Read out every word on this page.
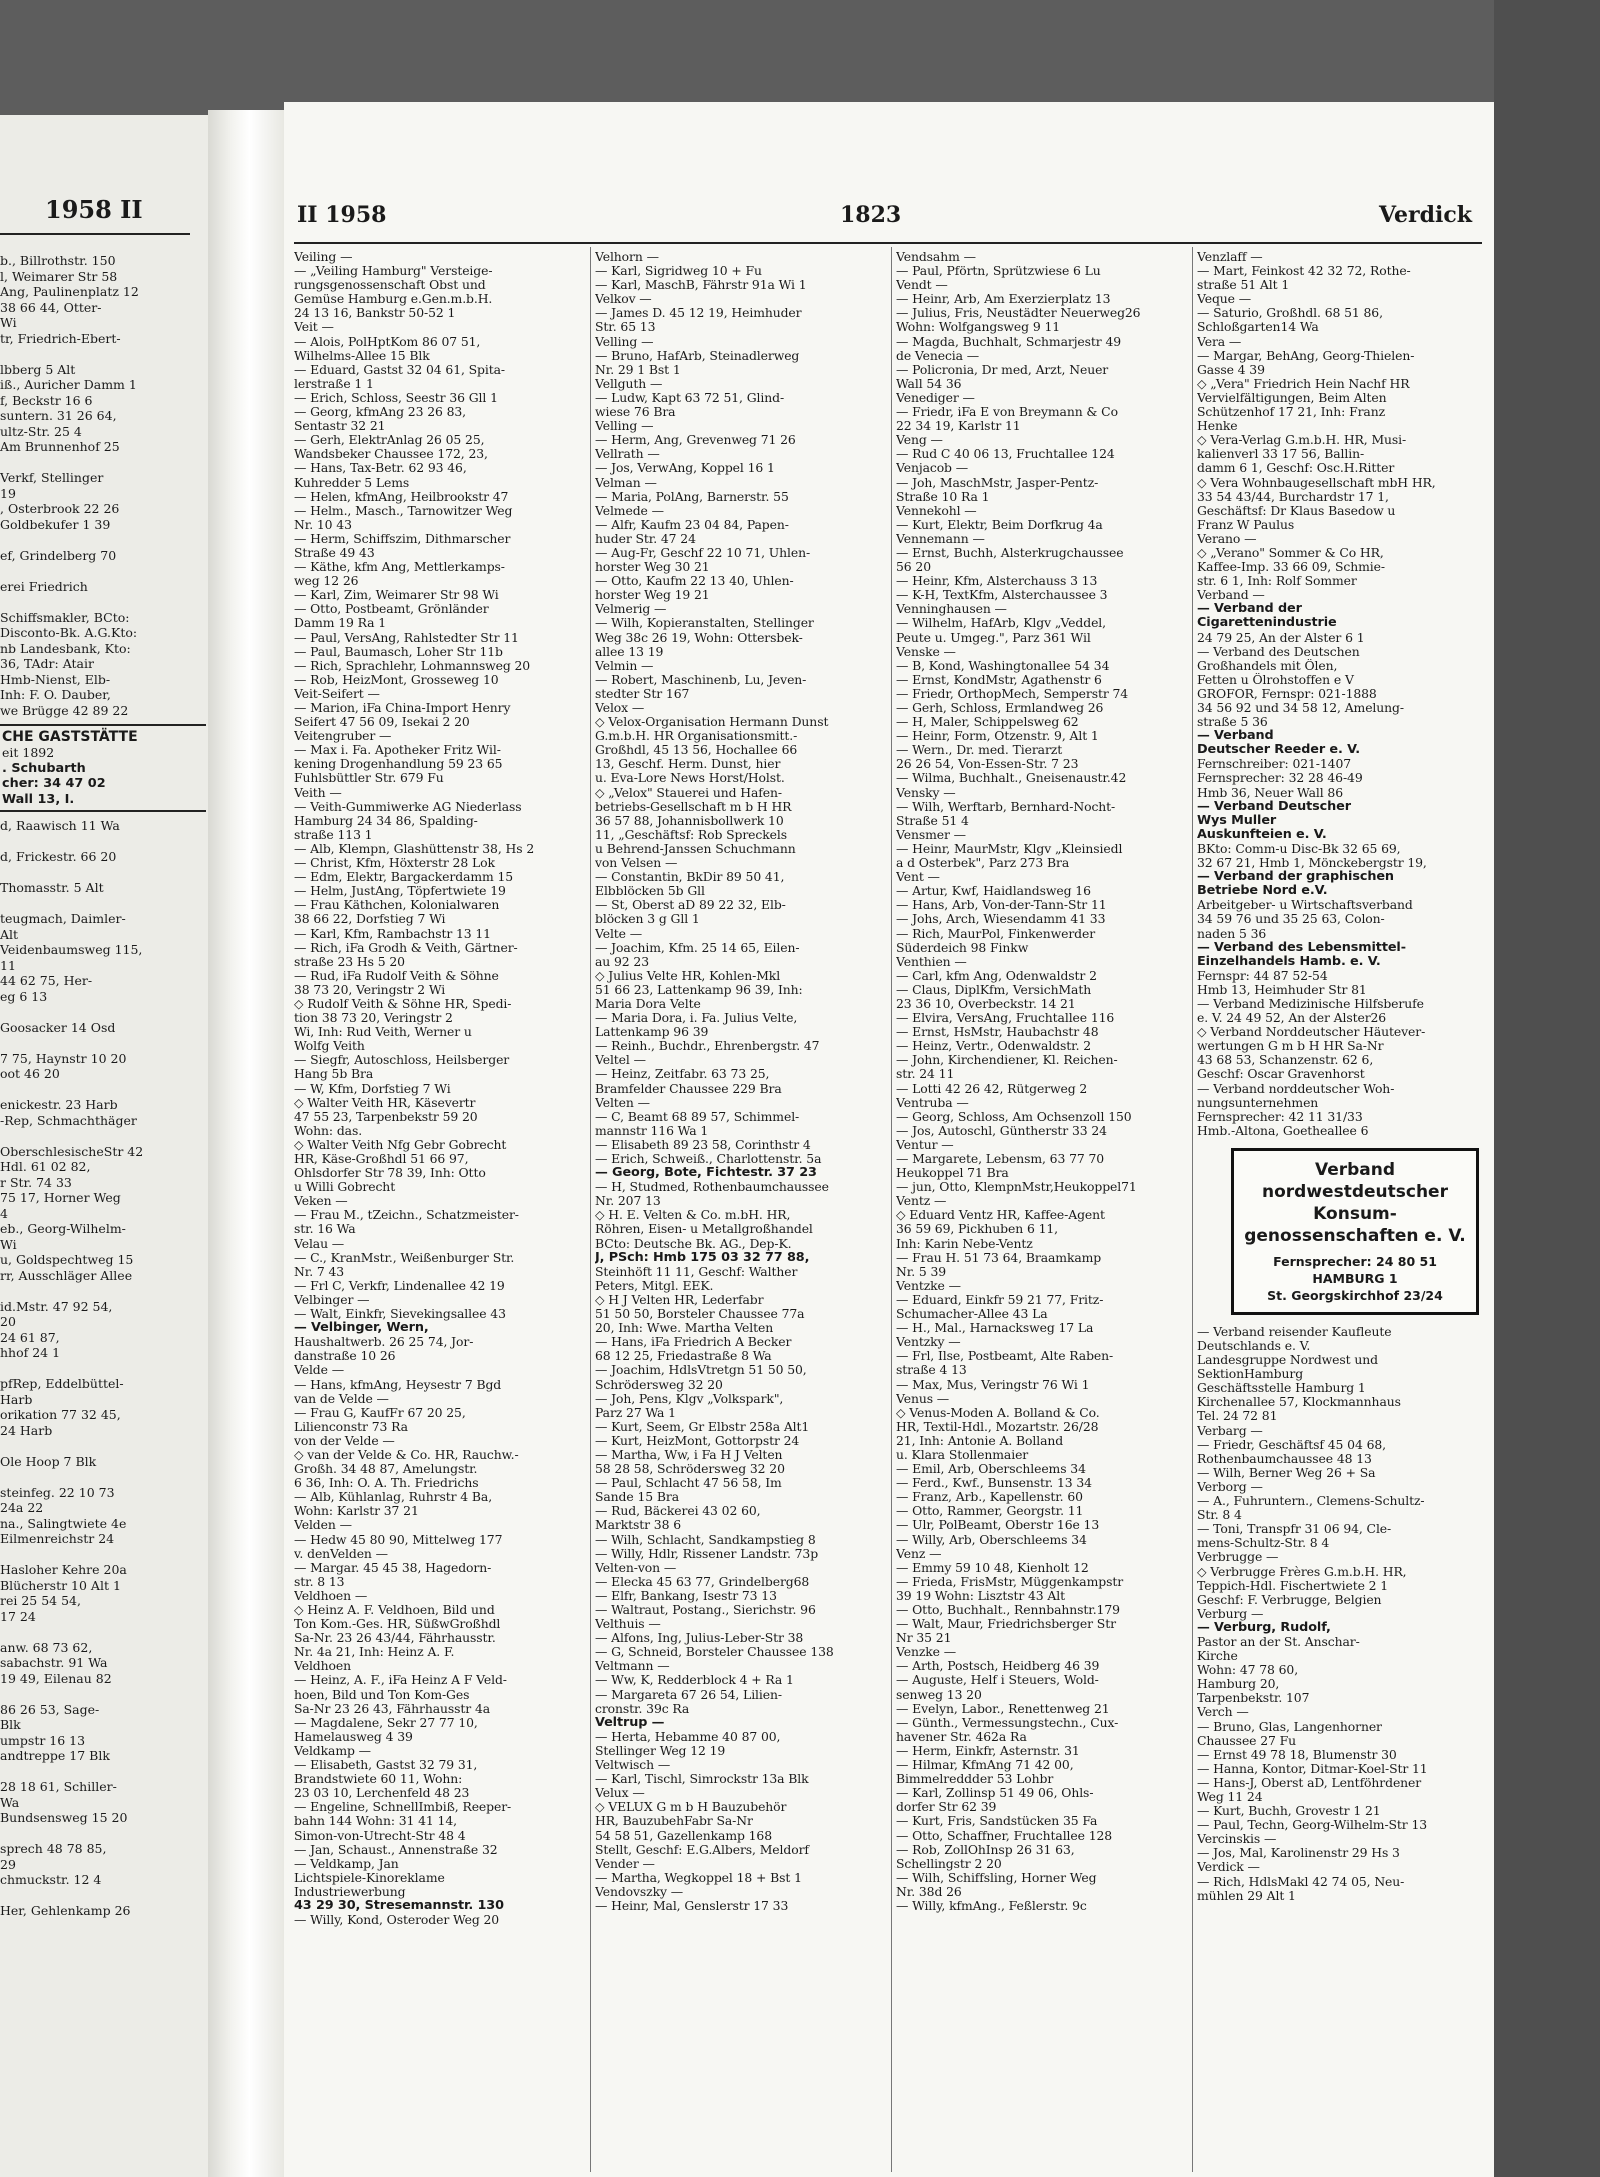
1958 II
b., Billrothstr. 150
l, Weimarer Str 58
Ang, Paulinenplatz 12
38 66 44, Otter-
Wi
tr, Friedrich-Ebert-

lbberg 5 Alt
iß., Auricher Damm 1
f, Beckstr 16 6
suntern. 31 26 64,
ultz-Str. 25 4
Am Brunnenhof 25

Verkf, Stellinger
19
, Osterbrook 22 26
Goldbekufer 1 39

ef, Grindelberg 70

erei Friedrich

Schiffsmakler, BCto:
Disconto-Bk. A.G.Kto:
nb Landesbank, Kto:
36, TAdr: Atair
Hmb-Nienst, Elb-
Inh: F. O. Dauber,
we Brügge 42 89 22
CHE GASTSTÄTTE
eit 1892
. Schubarth
cher: 34 47 02
Wall 13, I.
d, Raawisch 11 Wa

d, Frickestr. 66 20

Thomasstr. 5 Alt

teugmach, Daimler-
Alt
Veidenbaumsweg 115,
11
44 62 75, Her-
eg 6 13

Goosacker 14 Osd

7 75, Haynstr 10 20
oot 46 20

enickestr. 23 Harb
-Rep, Schmachthäger

OberschlesischeStr 42
Hdl. 61 02 82,
r Str. 74 33
75 17, Horner Weg
4
eb., Georg-Wilhelm-
Wi
u, Goldspechtweg 15
rr, Ausschläger Allee

id.Mstr. 47 92 54,
20
24 61 87,
hhof 24 1

pfRep, Eddelbüttel-
Harb
orikation 77 32 45,
24 Harb

Ole Hoop 7 Blk

steinfeg. 22 10 73
24a 22
na., Salingtwiete 4e
Eilmenreichstr 24

Hasloher Kehre 20a
Blücherstr 10 Alt 1
rei 25 54 54,
17 24

anw. 68 73 62,
sabachstr. 91 Wa
19 49, Eilenau 82

86 26 53, Sage-
Blk
umpstr 16 13
andtreppe 17 Blk

28 18 61, Schiller-
Wa
Bundsensweg 15 20

sprech 48 78 85,
29
chmuckstr. 12 4

Her, Gehlenkamp 26
II 1958	1823	Verdick
Veiling —
— „Veiling Hamburg" Versteige-
rungsgenossenschaft Obst und
Gemüse Hamburg e.Gen.m.b.H.
24 13 16, Bankstr 50-52 1
Veit —
— Alois, PolHptKom 86 07 51,
Wilhelms-Allee 15 Blk
— Eduard, Gastst 32 04 61, Spita-
lerstraße 1 1
— Erich, Schloss, Seestr 36 Gll 1
— Georg, kfmAng 23 26 83,
Sentastr 32 21
— Gerh, ElektrAnlag 26 05 25,
Wandsbeker Chaussee 172, 23,
— Hans, Tax-Betr. 62 93 46,
Kuhredder 5 Lems
— Helen, kfmAng, Heilbrookstr 47
— Helm., Masch., Tarnowitzer Weg
Nr. 10 43
— Herm, Schiffszim, Dithmarscher
Straße 49 43
— Käthe, kfm Ang, Mettlerkamps-
weg 12 26
— Karl, Zim, Weimarer Str 98 Wi
— Otto, Postbeamt, Grönländer
Damm 19 Ra 1
— Paul, VersAng, Rahlstedter Str 11
— Paul, Baumasch, Loher Str 11b
— Rich, Sprachlehr, Lohmannsweg 20
— Rob, HeizMont, Grosseweg 10
Veit-Seifert —
— Marion, iFa China-Import Henry
Seifert 47 56 09, Isekai 2 20
Veitengruber —
— Max i. Fa. Apotheker Fritz Wil-
kening Drogenhandlung 59 23 65
Fuhlsbüttler Str. 679 Fu
Veith —
— Veith-Gummiwerke AG Niederlass
Hamburg 24 34 86, Spalding-
straße 113 1
— Alb, Klempn, Glashüttenstr 38, Hs 2
— Christ, Kfm, Höxterstr 28 Lok
— Edm, Elektr, Bargackerdamm 15
— Helm, JustAng, Töpfertwiete 19
— Frau Käthchen, Kolonialwaren
38 66 22, Dorfstieg 7 Wi
— Karl, Kfm, Rambachstr 13 11
— Rich, iFa Grodh & Veith, Gärtner-
straße 23 Hs 5 20
— Rud, iFa Rudolf Veith & Söhne
38 73 20, Veringstr 2 Wi
◇ Rudolf Veith & Söhne HR, Spedi-
tion 38 73 20, Veringstr 2
Wi, Inh: Rud Veith, Werner u
Wolfg Veith
— Siegfr, Autoschloss, Heilsberger
Hang 5b Bra
— W, Kfm, Dorfstieg 7 Wi
◇ Walter Veith HR, Käsevertr
47 55 23, Tarpenbekstr 59 20
Wohn: das.
◇ Walter Veith Nfg Gebr Gobrecht
HR, Käse-Großhdl 51 66 97,
Ohlsdorfer Str 78 39, Inh: Otto
u Willi Gobrecht
Veken —
— Frau M., tZeichn., Schatzmeister-
str. 16 Wa
Velau —
— C., KranMstr., Weißenburger Str.
Nr. 7 43
— Frl C, Verkfr, Lindenallee 42 19
Velbinger —
— Walt, Einkfr, Sievekingsallee 43
— Velbinger, Wern,
Haushaltwerb. 26 25 74, Jor-
danstraße 10 26
Velde —
— Hans, kfmAng, Heysestr 7 Bgd
van de Velde —
— Frau G, KaufFr 67 20 25,
Lilienconstr 73 Ra
von der Velde —
◇ van der Velde & Co. HR, Rauchw.-
Großh. 34 48 87, Amelungstr.
6 36, Inh: O. A. Th. Friedrichs
— Alb, Kühlanlag, Ruhrstr 4 Ba,
Wohn: Karlstr 37 21
Velden —
— Hedw 45 80 90, Mittelweg 177
v. denVelden —
— Margar. 45 45 38, Hagedorn-
str. 8 13
Veldhoen —
◇ Heinz A. F. Veldhoen, Bild und
Ton Kom.-Ges. HR, SüßwGroßhdl
Sa-Nr. 23 26 43/44, Fährhausstr.
Nr. 4a 21, Inh: Heinz A. F.
Veldhoen
— Heinz, A. F., iFa Heinz A F Veld-
hoen, Bild und Ton Kom-Ges
Sa-Nr 23 26 43, Fährhausstr 4a
— Magdalene, Sekr 27 77 10,
Hamelausweg 4 39
Veldkamp —
— Elisabeth, Gastst 32 79 31,
Brandstwiete 60 11, Wohn:
23 03 10, Lerchenfeld 48 23
— Engeline, SchnellImbiß, Reeper-
bahn 144 Wohn: 31 41 14,
Simon-von-Utrecht-Str 48 4
— Jan, Schaust., Annenstraße 32
— Veldkamp, Jan
Lichtspiele-Kinoreklame
Industriewerbung
43 29 30, Stresemannstr. 130
— Willy, Kond, Osteroder Weg 20
Velhorn —
— Karl, Sigridweg 10 + Fu
— Karl, MaschB, Fährstr 91a Wi 1
Velkov —
— James D. 45 12 19, Heimhuder
Str. 65 13
Velling —
— Bruno, HafArb, Steinadlerweg
Nr. 29 1 Bst 1
Vellguth —
— Ludw, Kapt 63 72 51, Glind-
wiese 76 Bra
Velling —
— Herm, Ang, Grevenweg 71 26
Vellrath —
— Jos, VerwAng, Koppel 16 1
Velman —
— Maria, PolAng, Barnerstr. 55
Velmede —
— Alfr, Kaufm 23 04 84, Papen-
huder Str. 47 24
— Aug-Fr, Geschf 22 10 71, Uhlen-
horster Weg 30 21
— Otto, Kaufm 22 13 40, Uhlen-
horster Weg 19 21
Velmerig —
— Wilh, Kopieranstalten, Stellinger
Weg 38c 26 19, Wohn: Ottersbek-
allee 13 19
Velmin —
— Robert, Maschinenb, Lu, Jeven-
stedter Str 167
Velox —
◇ Velox-Organisation Hermann Dunst
G.m.b.H. HR Organisationsmitt.-
Großhdl, 45 13 56, Hochallee 66
13, Geschf. Herm. Dunst, hier
u. Eva-Lore News Horst/Holst.
◇ „Velox" Stauerei und Hafen-
betriebs-Gesellschaft m b H HR
36 57 88, Johannisbollwerk 10
11, „Geschäftsf: Rob Spreckels
u Behrend-Janssen Schuchmann
von Velsen —
— Constantin, BkDir 89 50 41,
Elbblöcken 5b Gll
— St, Oberst aD 89 22 32, Elb-
blöcken 3 g Gll 1
Velte —
— Joachim, Kfm. 25 14 65, Eilen-
au 92 23
◇ Julius Velte HR, Kohlen-Mkl
51 66 23, Lattenkamp 96 39, Inh:
Maria Dora Velte
— Maria Dora, i. Fa. Julius Velte,
Lattenkamp 96 39
— Reinh., Buchdr., Ehrenbergstr. 47
Veltel —
— Heinz, Zeitfabr. 63 73 25,
Bramfelder Chaussee 229 Bra
Velten —
— C, Beamt 68 89 57, Schimmel-
mannstr 116 Wa 1
— Elisabeth 89 23 58, Corinthstr 4
— Erich, Schweiß., Charlottenstr. 5a
— Georg, Bote, Fichtestr. 37 23
— H, Studmed, Rothenbaumchaussee
Nr. 207 13
◇ H. E. Velten & Co. m.bH. HR,
Röhren, Eisen- u Metallgroßhandel
BCto: Deutsche Bk. AG., Dep-K.
J, PSch: Hmb 175 03 32 77 88,
Steinhöft 11 11, Geschf: Walther
Peters, Mitgl. EEK.
◇ H J Velten HR, Lederfabr
51 50 50, Borsteler Chaussee 77a
20, Inh: Wwe. Martha Velten
— Hans, iFa Friedrich A Becker
68 12 25, Friedastraße 8 Wa
— Joachim, HdlsVtretgn 51 50 50,
Schrödersweg 32 20
— Joh, Pens, Klgv „Volkspark",
Parz 27 Wa 1
— Kurt, Seem, Gr Elbstr 258a Alt1
— Kurt, HeizMont, Gottorpstr 24
— Martha, Ww, i Fa H J Velten
58 28 58, Schrödersweg 32 20
— Paul, Schlacht 47 56 58, Im
Sande 15 Bra
— Rud, Bäckerei 43 02 60,
Marktstr 38 6
— Wilh, Schlacht, Sandkampstieg 8
— Willy, Hdlr, Rissener Landstr. 73p
Velten-von —
— Elecka 45 63 77, Grindelberg68
— Elfr, Bankang, Isestr 73 13
— Waltraut, Postang., Sierichstr. 96
Velthuis —
— Alfons, Ing, Julius-Leber-Str 38
— G, Schneid, Borsteler Chaussee 138
Veltmann —
— Ww, K, Redderblock 4 + Ra 1
— Margareta 67 26 54, Lilien-
cronstr. 39c Ra
Veltrup —
— Herta, Hebamme 40 87 00,
Stellinger Weg 12 19
Veltwisch —
— Karl, Tischl, Simrockstr 13a Blk
Velux —
◇ VELUX G m b H Bauzubehör
HR, BauzubehFabr Sa-Nr
54 58 51, Gazellenkamp 168
Stellt, Geschf: E.G.Albers, Meldorf
Vender —
— Martha, Wegkoppel 18 + Bst 1
Vendovszky —
— Heinr, Mal, Genslerstr 17 33
Vendsahm —
— Paul, Pförtn, Sprützwiese 6 Lu
Vendt —
— Heinr, Arb, Am Exerzierplatz 13
— Julius, Fris, Neustädter Neuerweg26
Wohn: Wolfgangsweg 9 11
— Magda, Buchhalt, Schmarjestr 49
de Venecia —
— Policronia, Dr med, Arzt, Neuer
Wall 54 36
Venediger —
— Friedr, iFa E von Breymann & Co
22 34 19, Karlstr 11
Veng —
— Rud C 40 06 13, Fruchtallee 124
Venjacob —
— Joh, MaschMstr, Jasper-Pentz-
Straße 10 Ra 1
Vennekohl —
— Kurt, Elektr, Beim Dorfkrug 4a
Vennemann —
— Ernst, Buchh, Alsterkrugchaussee
56 20
— Heinr, Kfm, Alsterchauss 3 13
— K-H, TextKfm, Alsterchaussee 3
Venninghausen —
— Wilhelm, HafArb, Klgv „Veddel,
Peute u. Umgeg.", Parz 361 Wil
Venske —
— B, Kond, Washingtonallee 54 34
— Ernst, KondMstr, Agathenstr 6
— Friedr, OrthopMech, Semperstr 74
— Gerh, Schloss, Ermlandweg 26
— H, Maler, Schippelsweg 62
— Heinr, Form, Otzenstr. 9, Alt 1
— Wern., Dr. med. Tierarzt
26 26 54, Von-Essen-Str. 7 23
— Wilma, Buchhalt., Gneisenaustr.42
Vensky —
— Wilh, Werftarb, Bernhard-Nocht-
Straße 51 4
Vensmer —
— Heinr, MaurMstr, Klgv „Kleinsiedl
a d Osterbek", Parz 273 Bra
Vent —
— Artur, Kwf, Haidlandsweg 16
— Hans, Arb, Von-der-Tann-Str 11
— Johs, Arch, Wiesendamm 41 33
— Rich, MaurPol, Finkenwerder
Süderdeich 98 Finkw
Venthien —
— Carl, kfm Ang, Odenwaldstr 2
— Claus, DiplKfm, VersichMath
23 36 10, Overbeckstr. 14 21
— Elvira, VersAng, Fruchtallee 116
— Ernst, HsMstr, Haubachstr 48
— Heinz, Vertr., Odenwaldstr. 2
— John, Kirchendiener, Kl. Reichen-
str. 24 11
— Lotti 42 26 42, Rütgerweg 2
Ventruba —
— Georg, Schloss, Am Ochsenzoll 150
— Jos, Autoschl, Güntherstr 33 24
Ventur —
— Margarete, Lebensm, 63 77 70
Heukoppel 71 Bra
— jun, Otto, KlempnMstr,Heukoppel71
Ventz —
◇ Eduard Ventz HR, Kaffee-Agent
36 59 69, Pickhuben 6 11,
Inh: Karin Nebe-Ventz
— Frau H. 51 73 64, Braamkamp
Nr. 5 39
Ventzke —
— Eduard, Einkfr 59 21 77, Fritz-
Schumacher-Allee 43 La
— H., Mal., Harnacksweg 17 La
Ventzky —
— Frl, Ilse, Postbeamt, Alte Raben-
straße 4 13
— Max, Mus, Veringstr 76 Wi 1
Venus —
◇ Venus-Moden A. Bolland & Co.
HR, Textil-Hdl., Mozartstr. 26/28
21, Inh: Antonie A. Bolland
u. Klara Stollenmaier
— Emil, Arb, Oberschleems 34
— Ferd., Kwf., Bunsenstr. 13 34
— Franz, Arb., Kapellenstr. 60
— Otto, Rammer, Georgstr. 11
— Ulr, PolBeamt, Oberstr 16e 13
— Willy, Arb, Oberschleems 34
Venz —
— Emmy 59 10 48, Kienholt 12
— Frieda, FrisMstr, Müggenkampstr
39 19 Wohn: Lisztstr 43 Alt
— Otto, Buchhalt., Rennbahnstr.179
— Walt, Maur, Friedrichsberger Str
Nr 35 21
Venzke —
— Arth, Postsch, Heidberg 46 39
— Auguste, Helf i Steuers, Wold-
senweg 13 20
— Evelyn, Labor., Renettenweg 21
— Günth., Vermessungstechn., Cux-
havener Str. 462a Ra
— Herm, Einkfr, Asternstr. 31
— Hilmar, KfmAng 71 42 00,
Bimmelreddder 53 Lohbr
— Karl, Zollinsp 51 49 06, Ohls-
dorfer Str 62 39
— Kurt, Fris, Sandstücken 35 Fa
— Otto, Schaffner, Fruchtallee 128
— Rob, ZollOhInsp 26 31 63,
Schellingstr 2 20
— Wilh, Schiffsling, Horner Weg
Nr. 38d 26
— Willy, kfmAng., Feßlerstr. 9c
Venzlaff —
— Mart, Feinkost 42 32 72, Rothe-
straße 51 Alt 1
Veque —
— Saturio, Großhdl. 68 51 86,
Schloßgarten14 Wa
Vera —
— Margar, BehAng, Georg-Thielen-
Gasse 4 39
◇ „Vera" Friedrich Hein Nachf HR
Vervielfältigungen, Beim Alten
Schützenhof 17 21, Inh: Franz
Henke
◇ Vera-Verlag G.m.b.H. HR, Musi-
kalienverl 33 17 56, Ballin-
damm 6 1, Geschf: Osc.H.Ritter
◇ Vera Wohnbaugesellschaft mbH HR,
33 54 43/44, Burchardstr 17 1,
Geschäftsf: Dr Klaus Basedow u
Franz W Paulus
Verano —
◇ „Verano" Sommer & Co HR,
Kaffee-Imp. 33 66 09, Schmie-
str. 6 1, Inh: Rolf Sommer
Verband —
— Verband der
Cigarettenindustrie
24 79 25, An der Alster 6 1
— Verband des Deutschen
Großhandels mit Ölen,
Fetten u Ölrohstoffen e V
GROFOR, Fernspr: 021-1888
34 56 92 und 34 58 12, Amelung-
straße 5 36
— Verband
Deutscher Reeder e. V.
Fernschreiber: 021-1407
Fernsprecher: 32 28 46-49
Hmb 36, Neuer Wall 86
— Verband Deutscher
Wys Muller
Auskunfteien e. V.
BKto: Comm-u Disc-Bk 32 65 69,
32 67 21, Hmb 1, Mönckebergstr 19,
— Verband der graphischen
Betriebe Nord e.V.
Arbeitgeber- u Wirtschaftsverband
34 59 76 und 35 25 63, Colon-
naden 5 36
— Verband des Lebensmittel-
Einzelhandels Hamb. e. V.
Fernspr: 44 87 52-54
Hmb 13, Heimhuder Str 81
— Verband Medizinische Hilfsberufe
e. V. 24 49 52, An der Alster26
◇ Verband Norddeutscher Häutever-
wertungen G m b H HR Sa-Nr
43 68 53, Schanzenstr. 62 6,
Geschf: Oscar Gravenhorst
— Verband norddeutscher Woh-
nungsunternehmen
Fernsprecher: 42 11 31/33
Hmb.-Altona, Goetheallee 6
Verband
nordwestdeutscher
Konsum-
genossenschaften e. V.
Fernsprecher: 24 80 51
HAMBURG 1
St. Georgskirchhof 23/24
— Verband reisender Kaufleute
Deutschlands e. V.
Landesgruppe Nordwest und
SektionHamburg
Geschäftsstelle Hamburg 1
Kirchenallee 57, Klockmannhaus
Tel. 24 72 81
Verbarg —
— Friedr, Geschäftsf 45 04 68,
Rothenbaumchaussee 48 13
— Wilh, Berner Weg 26 + Sa
Verborg —
— A., Fuhruntern., Clemens-Schultz-
Str. 8 4
— Toni, Transpfr 31 06 94, Cle-
mens-Schultz-Str. 8 4
Verbrugge —
◇ Verbrugge Frères G.m.b.H. HR,
Teppich-Hdl. Fischertwiete 2 1
Geschf: F. Verbrugge, Belgien
Verburg —
— Verburg, Rudolf,
Pastor an der St. Anschar-
Kirche
Wohn: 47 78 60,
Hamburg 20,
Tarpenbekstr. 107
Verch —
— Bruno, Glas, Langenhorner
Chaussee 27 Fu
— Ernst 49 78 18, Blumenstr 30
— Hanna, Kontor, Ditmar-Koel-Str 11
— Hans-J, Oberst aD, Lentföhrdener
Weg 11 24
— Kurt, Buchh, Grovestr 1 21
— Paul, Techn, Georg-Wilhelm-Str 13
Vercinskis —
— Jos, Mal, Karolinenstr 29 Hs 3
Verdick —
— Rich, HdlsMakl 42 74 05, Neu-
mühlen 29 Alt 1
